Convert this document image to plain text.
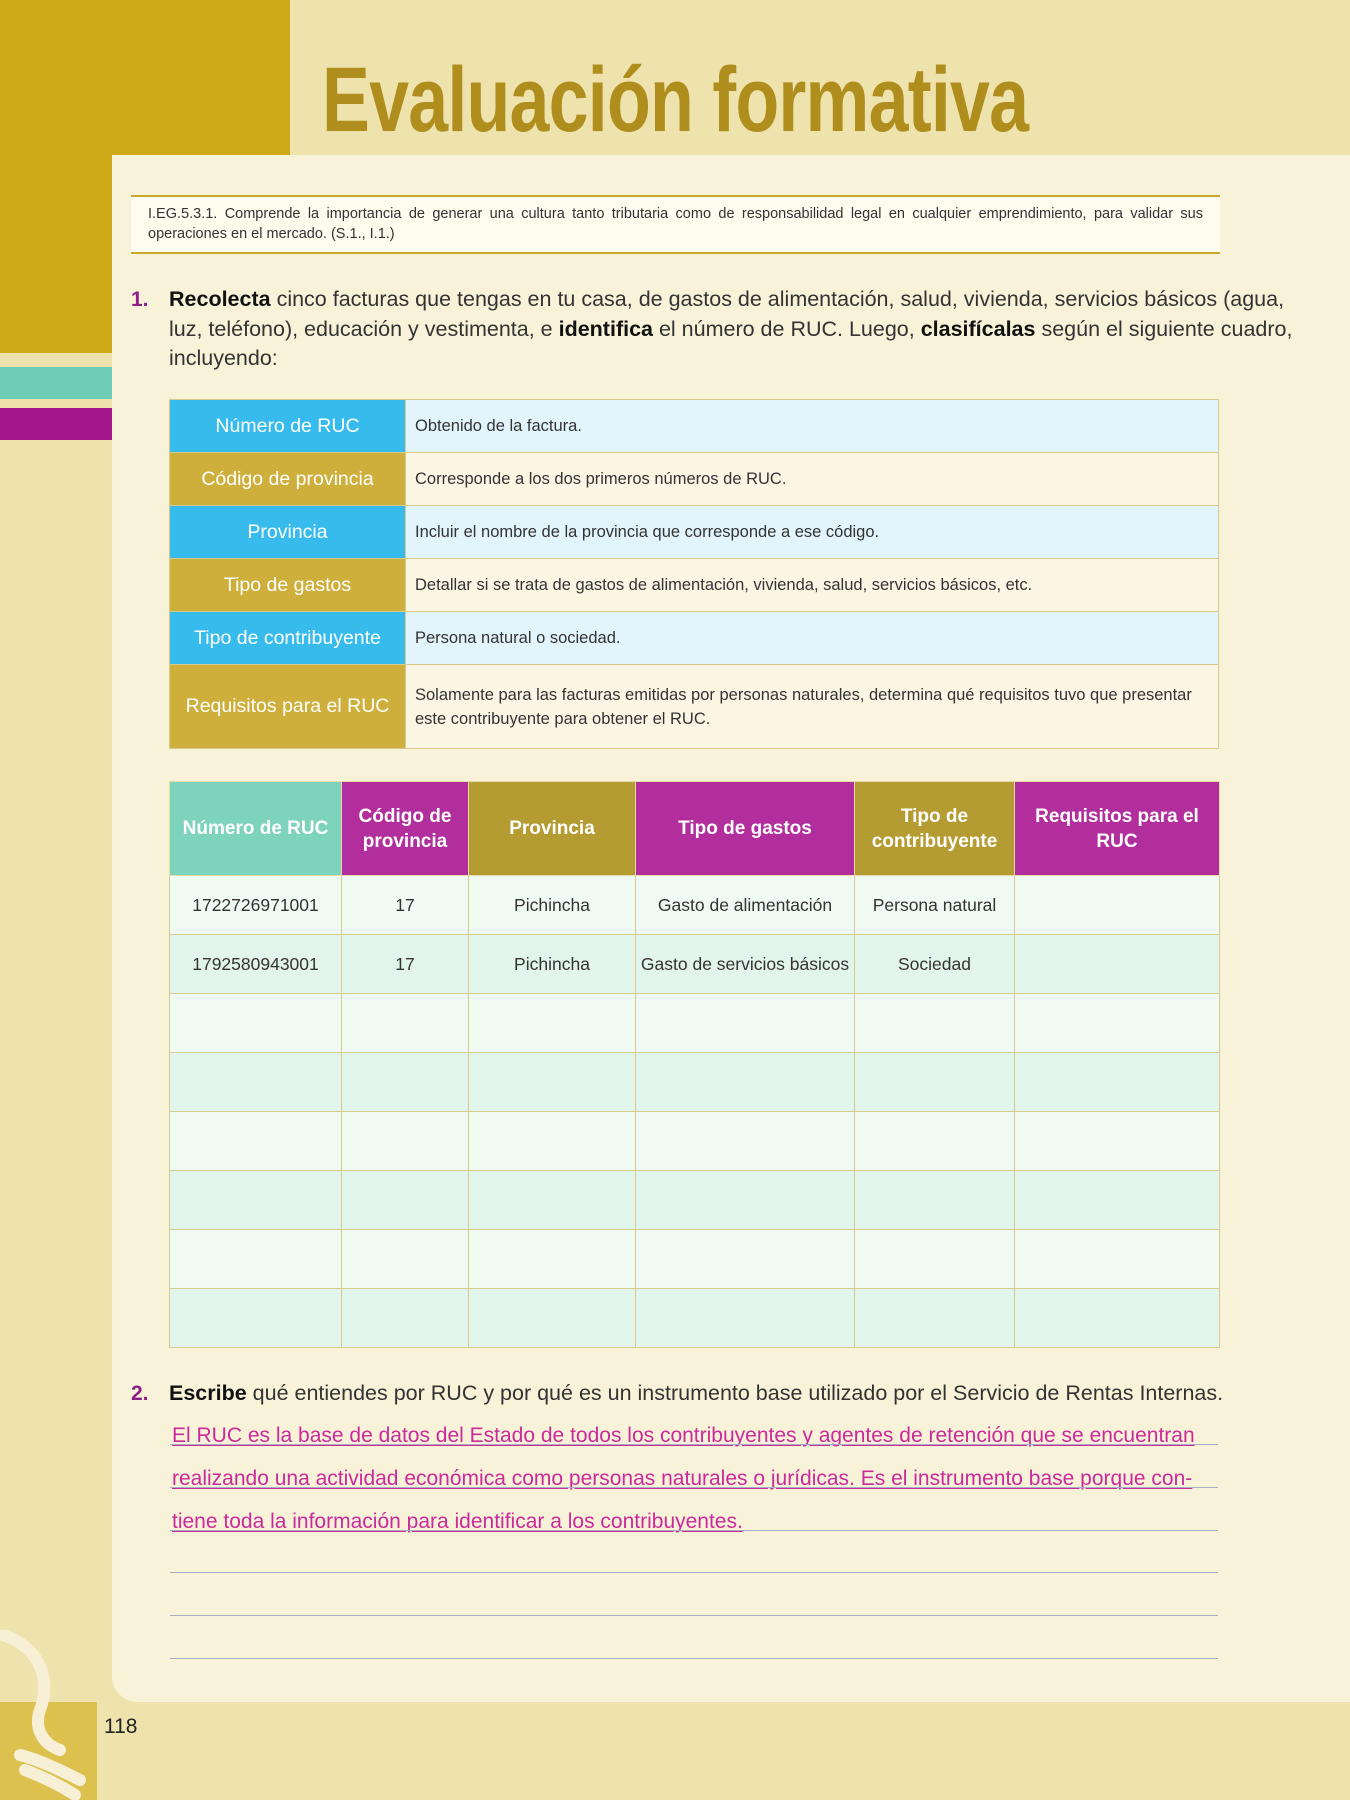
Evaluación formativa
I.EG.5.3.1. Comprende la importancia de generar una cultura tanto tributaria como de responsabilidad legal en cualquier emprendimiento, para validar sus operaciones en el mercado. (S.1., I.1.)
1. Recolecta cinco facturas que tengas en tu casa, de gastos de alimentación, salud, vivienda, servicios básicos (agua,
luz, teléfono), educación y vestimenta, e identifica el número de RUC. Luego, clasifícalas según el siguiente cuadro,
incluyendo:
Número de RUC	Obtenido de la factura.
Código de provincia	Corresponde a los dos primeros números de RUC.
Provincia	Incluir el nombre de la provincia que corresponde a ese código.
Tipo de gastos	Detallar si se trata de gastos de alimentación, vivienda, salud, servicios básicos, etc.
Tipo de contribuyente	Persona natural o sociedad.
Requisitos para el RUC	Solamente para las facturas emitidas por personas naturales, determina qué requisitos tuvo que presentar este contribuyente para obtener el RUC.
Número de RUC	Código de provincia	Provincia	Tipo de gastos	Tipo de contribuyente	Requisitos para el RUC
1722726971001	17	Pichincha	Gasto de alimentación	Persona natural	
1792580943001	17	Pichincha	Gasto de servicios básicos	Sociedad	

2. Escribe qué entiendes por RUC y por qué es un instrumento base utilizado por el Servicio de Rentas Internas.
El RUC es la base de datos del Estado de todos los contribuyentes y agentes de retención que se encuentran
realizando una actividad económica como personas naturales o jurídicas. Es el instrumento base porque con-
tiene toda la información para identificar a los contribuyentes.
118
